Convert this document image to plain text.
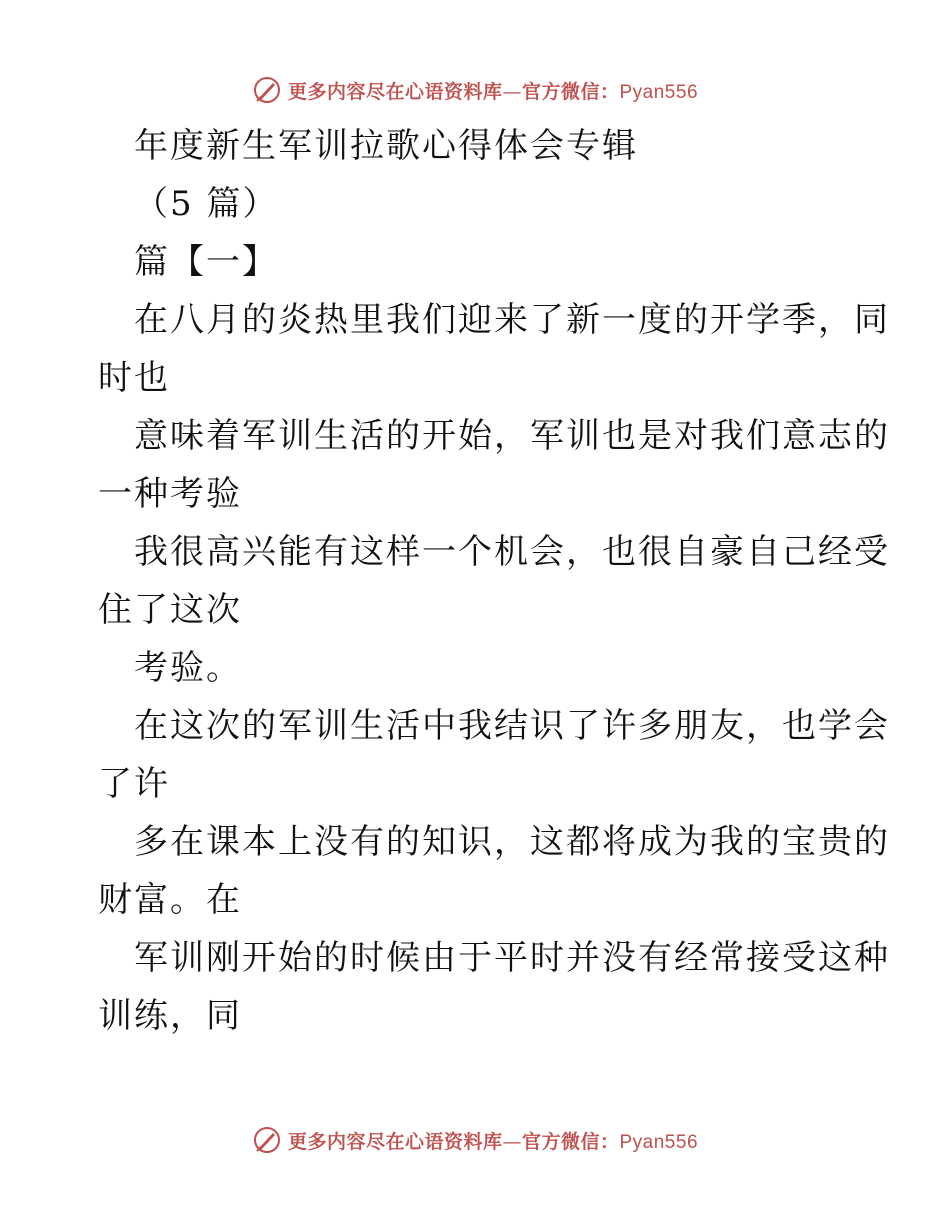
更多内容尽在心语资料库—官方微信：Pyan556
年度新生军训拉歌心得体会专辑
（5 篇）
篇【一】
在八月的炎热里我们迎来了新一度的开学季，同
时也
意味着军训生活的开始，军训也是对我们意志的
一种考验
我很高兴能有这样一个机会，也很自豪自己经受
住了这次
考验。
在这次的军训生活中我结识了许多朋友，也学会
了许
多在课本上没有的知识，这都将成为我的宝贵的
财富。在
军训刚开始的时候由于平时并没有经常接受这种
训练，同
更多内容尽在心语资料库—官方微信：Pyan556
